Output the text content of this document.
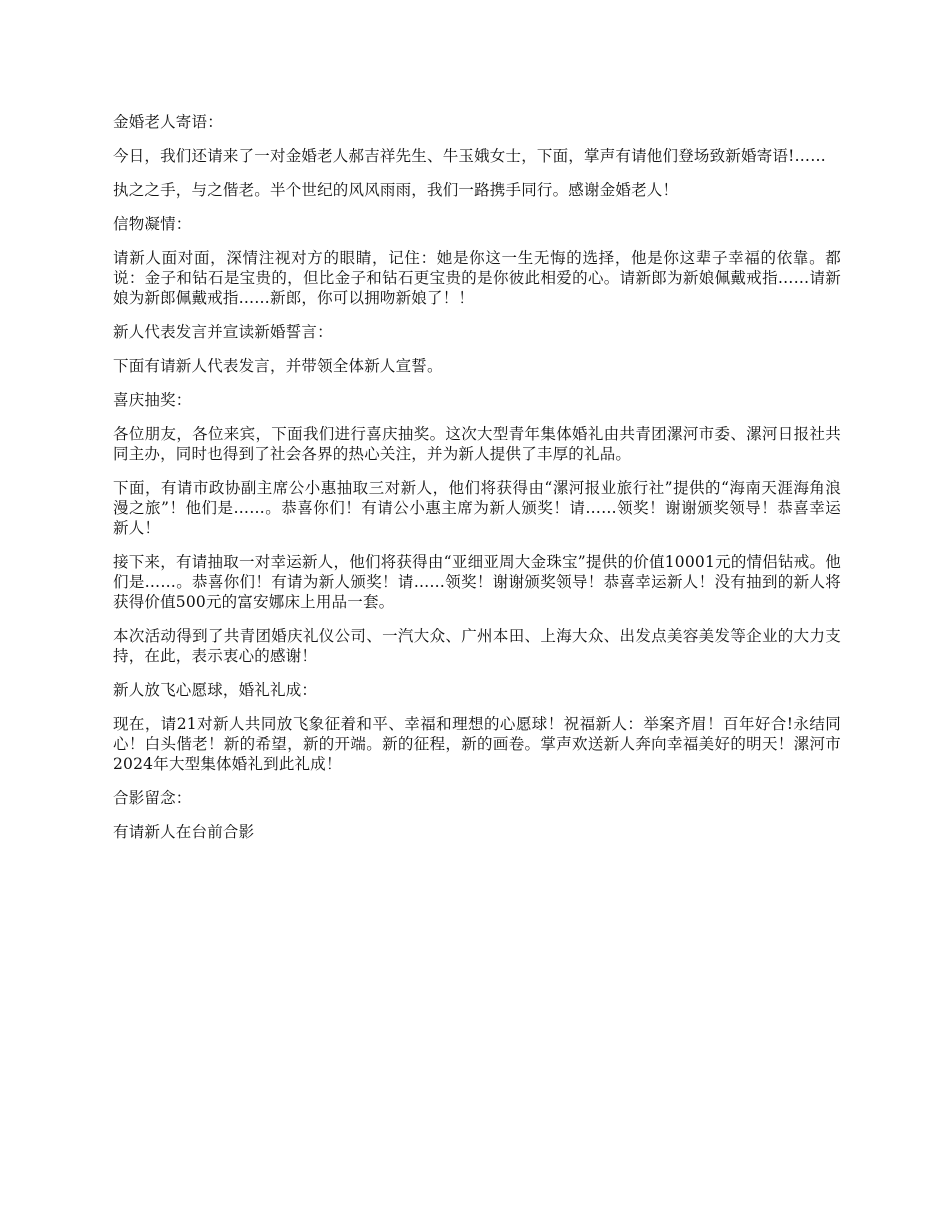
金婚老人寄语：

今日，我们还请来了一对金婚老人郝吉祥先生、牛玉娥女士，下面，掌声有请他们登场致新婚寄语!……

执之之手，与之偕老。半个世纪的风风雨雨，我们一路携手同行。感谢金婚老人！

信物凝情：

请新人面对面，深情注视对方的眼睛，记住：她是你这一生无悔的选择，他是你这辈子幸福的依靠。都说：金子和钻石是宝贵的，但比金子和钻石更宝贵的是你彼此相爱的心。请新郎为新娘佩戴戒指……请新娘为新郎佩戴戒指……新郎，你可以拥吻新娘了！！

新人代表发言并宣读新婚誓言：

下面有请新人代表发言，并带领全体新人宣誓。

喜庆抽奖：

各位朋友，各位来宾，下面我们进行喜庆抽奖。这次大型青年集体婚礼由共青团漯河市委、漯河日报社共同主办，同时也得到了社会各界的热心关注，并为新人提供了丰厚的礼品。

下面，有请市政协副主席公小惠抽取三对新人，他们将获得由“漯河报业旅行社”提供的“海南天涯海角浪漫之旅”！他们是……。恭喜你们！有请公小惠主席为新人颁奖！请……领奖！谢谢颁奖领导！恭喜幸运新人！

接下来，有请抽取一对幸运新人，他们将获得由“亚细亚周大金珠宝”提供的价值10001元的情侣钻戒。他们是……。恭喜你们！有请为新人颁奖！请……领奖！谢谢颁奖领导！恭喜幸运新人！没有抽到的新人将获得价值500元的富安娜床上用品一套。

本次活动得到了共青团婚庆礼仪公司、一汽大众、广州本田、上海大众、出发点美容美发等企业的大力支持，在此，表示衷心的感谢！

新人放飞心愿球，婚礼礼成：

现在，请21对新人共同放飞象征着和平、幸福和理想的心愿球！祝福新人：举案齐眉！百年好合!永结同心！白头偕老！新的希望，新的开端。新的征程，新的画卷。掌声欢送新人奔向幸福美好的明天！漯河市2024年大型集体婚礼到此礼成！

合影留念：

有请新人在台前合影
